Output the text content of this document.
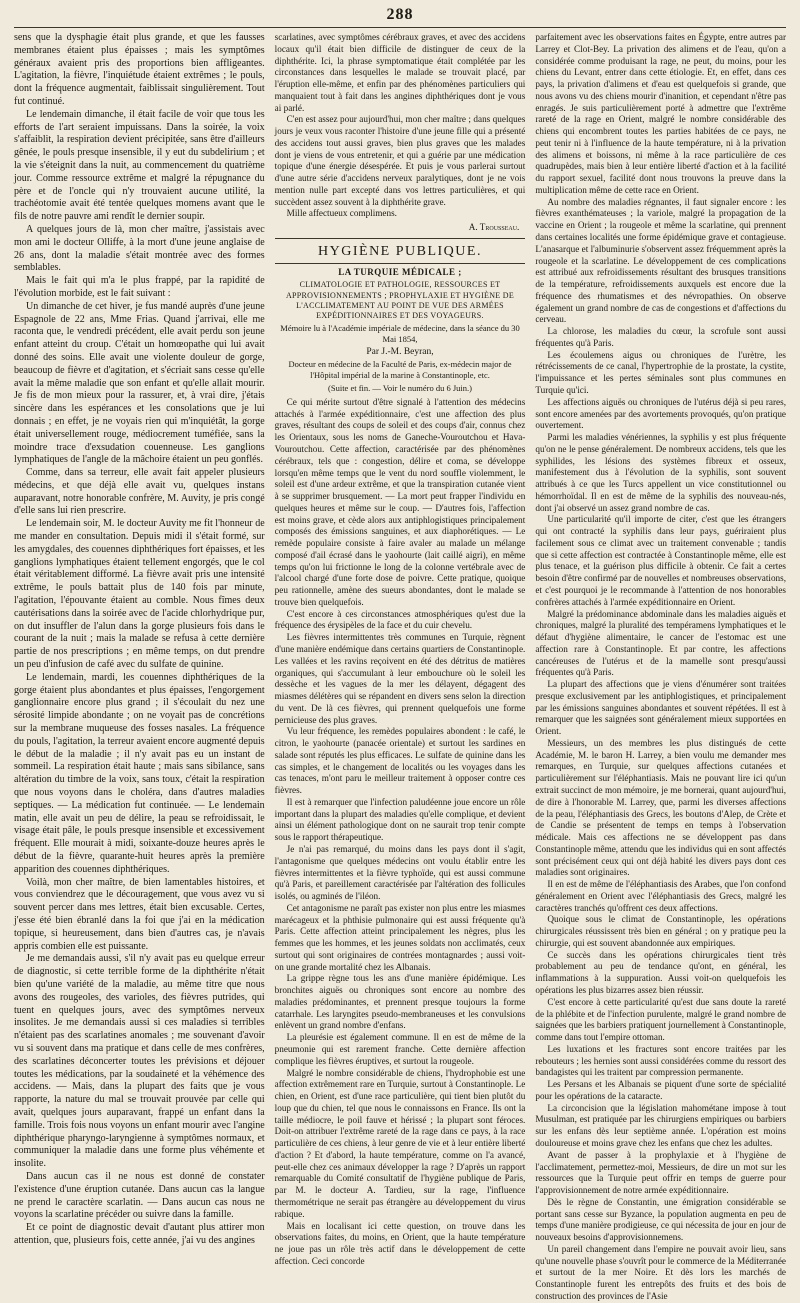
288

sens que la dysphagie était plus grande, et que les fausses membranes étaient plus épaisses ; mais les symptômes généraux avaient pris des proportions bien affligeantes. L'agitation, la fièvre, l'inquiétude étaient extrêmes ; le pouls, dont la fréquence augmentait, faiblissait singulièrement. Tout fut continué.

Le lendemain dimanche, il était facile de voir que tous les efforts de l'art seraient impuissans. Dans la soirée, la voix s'affaiblit, la respiration devient précipitée, sans être d'ailleurs gênée, le pouls presque insensible, il y eut du subdelirium ; et la vie s'éteignit dans la nuit, au commencement du quatrième jour. Comme ressource extrême et malgré la répugnance du père et de l'oncle qui n'y trouvaient aucune utilité, la trachéotomie avait été tentée quelques momens avant que le fils de notre pauvre ami rendît le dernier soupir.

A quelques jours de là, mon cher maître, j'assistais avec mon ami le docteur Olliffe, à la mort d'une jeune anglaise de 26 ans, dont la maladie s'était montrée avec des formes semblables.

Mais le fait qui m'a le plus frappé, par la rapidité de l'évolution morbide, est le fait suivant :

Un dimanche de cet hiver, je fus mandé auprès d'une jeune Espagnole de 22 ans, Mme Frias. Quand j'arrivai, elle me raconta que, le vendredi précédent, elle avait perdu son jeune enfant atteint du croup. C'était un homœopathe qui lui avait donné des soins. Elle avait une violente douleur de gorge, beaucoup de fièvre et d'agitation, et s'écriait sans cesse qu'elle avait la même maladie que son enfant et qu'elle allait mourir. Je fis de mon mieux pour la rassurer, et, à vrai dire, j'étais sincère dans les espérances et les consolations que je lui donnais ; en effet, je ne voyais rien qui m'inquiétât, la gorge était universellement rouge, médiocrement tuméfiée, sans la moindre trace d'exsudation couenneuse. Les ganglions lymphatiques de l'angle de la mâchoire étaient un peu gonflés.

Comme, dans sa terreur, elle avait fait appeler plusieurs médecins, et que déjà elle avait vu, quelques instans auparavant, notre honorable confrère, M. Auvity, je pris congé d'elle sans lui rien prescrire.

Le lendemain soir, M. le docteur Auvity me fit l'honneur de me mander en consultation. Depuis midi il s'était formé, sur les amygdales, des couennes diphthériques fort épaisses, et les ganglions lymphatiques étaient tellement engorgés, que le col était véritablement difformé. La fièvre avait pris une intensité extrême, le pouls battait plus de 140 fois par minute, l'agitation, l'épouvante étaient au comble. Nous fîmes deux cautérisations dans la soirée avec de l'acide chlorhydrique pur, on dut insuffler de l'alun dans la gorge plusieurs fois dans le courant de la nuit ; mais la malade se refusa à cette dernière partie de nos prescriptions ; en même temps, on dut prendre un peu d'infusion de café avec du sulfate de quinine.

Le lendemain, mardi, les couennes diphthériques de la gorge étaient plus abondantes et plus épaisses, l'engorgement ganglionnaire encore plus grand ; il s'écoulait du nez une sérosité limpide abondante ; on ne voyait pas de concrétions sur la membrane muqueuse des fosses nasales. La fréquence du pouls, l'agitation, la terreur avaient encore augmenté depuis le début de la maladie ; il n'y avait pas eu un instant de sommeil. La respiration était haute ; mais sans sibilance, sans altération du timbre de la voix, sans toux, c'était la respiration que nous voyons dans le choléra, dans d'autres maladies septiques. — La médication fut continuée. — Le lendemain matin, elle avait un peu de délire, la peau se refroidissait, le visage était pâle, le pouls presque insensible et excessivement fréquent. Elle mourait à midi, soixante-douze heures après le début de la fièvre, quarante-huit heures après la première apparition des couennes diphthériques.

Voilà, mon cher maître, de bien lamentables histoires, et vous conviendrez que le découragement, que vous avez vu si souvent percer dans mes lettres, était bien excusable. Certes, j'esse été bien ébranlé dans la foi que j'ai en la médication topique, si heureusement, dans bien d'autres cas, je n'avais appris combien elle est puissante.

Je me demandais aussi, s'il n'y avait pas eu quelque erreur de diagnostic, si cette terrible forme de la diphthérite n'était bien qu'une variété de la maladie, au même titre que nous avons des rougeoles, des varioles, des fièvres putrides, qui tuent en quelques jours, avec des symptômes nerveux insolites. Je me demandais aussi si ces maladies si terribles n'étaient pas des scarlatines anomales ; me souvenant d'avoir vu si souvent dans ma pratique et dans celle de mes confrères, des scarlatines déconcerter toutes les prévisions et déjouer toutes les médications, par la soudaineté et la véhémence des accidens. — Mais, dans la plupart des faits que je vous rapporte, la nature du mal se trouvait prouvée par celle qui avait, quelques jours auparavant, frappé un enfant dans la famille. Trois fois nous voyons un enfant mourir avec l'angine diphthérique pharyngo-laryngienne à symptômes normaux, et communiquer la maladie dans une forme plus véhémente et insolite.

Dans aucun cas il ne nous est donné de constater l'existence d'une éruption cutanée. Dans aucun cas la langue ne prend le caractère scarlatin. — Dans aucun cas nous ne voyons la scarlatine précéder ou suivre dans la famille.

Et ce point de diagnostic devait d'autant plus attirer mon attention, que, plusieurs fois, cette année, j'ai vu des angines

scarlatines, avec symptômes cérébraux graves, et avec des accidens locaux qu'il était bien difficile de distinguer de ceux de la diphthérite. Ici, la phrase symptomatique était complétée par les circonstances dans lesquelles le malade se trouvait placé, par l'éruption elle-même, et enfin par des phénomènes particuliers qui manquaient tout à fait dans les angines diphthériques dont je vous ai parlé.

C'en est assez pour aujourd'hui, mon cher maître ; dans quelques jours je veux vous raconter l'histoire d'une jeune fille qui a présenté des accidens tout aussi graves, bien plus graves que les malades dont je viens de vous entretenir, et qui a guérie par une médication topique d'une énergie désespérée. Et puis je vous parlerai surtout d'une autre série d'accidens nerveux paralytiques, dont je ne vois mention nulle part excepté dans vos lettres particulières, et qui succèdent assez souvent à la diphthérite grave.

Mille affectueux complimens.

A. Trousseau.
HYGIÈNE PUBLIQUE.
LA TURQUIE MÉDICALE ;
CLIMATOLOGIE ET PATHOLOGIE, RESSOURCES ET APPROVISIONNEMENTS ; PROPHYLAXIE ET HYGIÈNE DE L'ACCLIMATEMENT AU POINT DE VUE DES ARMÉES EXPÉDITIONNAIRES ET DES VOYAGEURS.
Mémoire lu à l'Académie impériale de médecine, dans la séance du 30 Mai 1854,
Par J.-M. Beyran,
Docteur en médecine de la Faculté de Paris, ex-médecin major de l'Hôpital impérial de la marine à Constantinople, etc.
(Suite et fin. — Voir le numéro du 6 Juin.)

Ce qui mérite surtout d'être signalé à l'attention des médecins attachés à l'armée expéditionnaire, c'est une affection des plus graves, résultant des coups de soleil et des coups d'air, connus chez les Orientaux, sous les noms de Ganeche-Vouroutchou et Hava-Vouroutchou. Cette affection, caractérisée par des phénomènes cérébraux, tels que : congestion, délire et coma, se développe lorsqu'en même temps que le vent du nord souffle violemment, le soleil est d'une ardeur extrême, et que la transpiration cutanée vient à se supprimer brusquement. — La mort peut frapper l'individu en quelques heures et même sur le coup. — D'autres fois, l'affection est moins grave, et cède alors aux antiphlogistiques principalement composés des émissions sanguines, et aux diaphorétiques. — Le remède populaire consiste à faire avaler au malade un mélange composé d'ail écrasé dans le yaohourte (lait caillé aigri), en même temps qu'on lui frictionne le long de la colonne vertébrale avec de l'alcool chargé d'une forte dose de poivre. Cette pratique, quoique peu rationnelle, amène des sueurs abondantes, dont le malade se trouve bien quelquefois.

C'est encore à ces circonstances atmosphériques qu'est due la fréquence des érysipèles de la face et du cuir chevelu.

Les fièvres intermittentes très communes en Turquie, règnent d'une manière endémique dans certains quartiers de Constantinople. Les vallées et les ravins reçoivent en été des détritus de matières organiques, qui s'accumulant à leur embouchure où le soleil les dessèche et les vagues de la mer les délayent, dégagent des miasmes délétères qui se répandent en divers sens selon la direction du vent. De là ces fièvres, qui prennent quelquefois une forme pernicieuse des plus graves.

Vu leur fréquence, les remèdes populaires abondent : le café, le citron, le yaohourte (panacée orientale) et surtout les sardines en salade sont réputés les plus efficaces. Le sulfate de quinine dans les cas simples, et le changement de localités ou les voyages dans les cas tenaces, m'ont paru le meilleur traitement à opposer contre ces fièvres.

Il est à remarquer que l'infection paludéenne joue encore un rôle important dans la plupart des maladies qu'elle complique, et devient ainsi un élément pathologique dont on ne saurait trop tenir compte sous le rapport thérapeutique.

Je n'ai pas remarqué, du moins dans les pays dont il s'agit, l'antagonisme que quelques médecins ont voulu établir entre les fièvres intermittentes et la fièvre typhoïde, qui est aussi commune qu'à Paris, et pareillement caractérisée par l'altération des follicules isolés, ou agminés de l'iléon.

Cet antagonisme ne paraît pas exister non plus entre les miasmes marécageux et la phthisie pulmonaire qui est aussi fréquente qu'à Paris. Cette affection atteint principalement les nègres, plus les femmes que les hommes, et les jeunes soldats non acclimatés, ceux surtout qui sont originaires de contrées montagnardes ; aussi voit-on une grande mortalité chez les Albanais.

La grippe règne tous les ans d'une manière épidémique. Les bronchites aiguës ou chroniques sont encore au nombre des maladies prédominantes, et prennent presque toujours la forme catarrhale. Les laryngites pseudo-membraneuses et les convulsions enlèvent un grand nombre d'enfans.

La pleurésie est également commune. Il en est de même de la pneumonie qui est rarement franche. Cette dernière affection complique les fièvres éruptives, et surtout la rougeole.

Malgré le nombre considérable de chiens, l'hydrophobie est une affection extrêmement rare en Turquie, surtout à Constantinople. Le chien, en Orient, est d'une race particulière, qui tient bien plutôt du loup que du chien, tel que nous le connaissons en France. Ils ont la taille médiocre, le poil fauve et hérissé ; la plupart sont féroces. Doit-on attribuer l'extrême rareté de la rage dans ce pays, à la race particulière de ces chiens, à leur genre de vie et à leur entière liberté d'action ? Et d'abord, la haute température, comme on l'a avancé, peut-elle chez ces animaux développer la rage ? D'après un rapport remarquable du Comité consultatif de l'hygiène publique de Paris, par M. le docteur A. Tardieu, sur la rage, l'influence thermométrique ne serait pas étrangère au développement du virus rabique.

Mais en localisant ici cette question, on trouve dans les observations faites, du moins, en Orient, que la haute température ne joue pas un rôle très actif dans le développement de cette affection. Ceci concorde

parfaitement avec les observations faites en Égypte, entre autres par Larrey et Clot-Bey. La privation des alimens et de l'eau, qu'on a considérée comme produisant la rage, ne peut, du moins, pour les chiens du Levant, entrer dans cette étiologie. Et, en effet, dans ces pays, la privation d'alimens et d'eau est quelquefois si grande, que nous avons vu des chiens mourir d'inanition, et cependant n'être pas enragés. Je suis particulièrement porté à admettre que l'extrême rareté de la rage en Orient, malgré le nombre considérable des chiens qui encombrent toutes les parties habitées de ce pays, ne peut tenir ni à l'influence de la haute température, ni à la privation des alimens et boissons, ni même à la race particulière de ces quadrupèdes, mais bien à leur entière liberté d'action et à la facilité du rapport sexuel, facilité dont nous trouvons la preuve dans la multiplication même de cette race en Orient.

Au nombre des maladies régnantes, il faut signaler encore : les fièvres exanthémateuses ; la variole, malgré la propagation de la vaccine en Orient ; la rougeole et même la scarlatine, qui prennent dans certaines localités une forme épidémique grave et contagieuse. L'anasarque et l'albuminurie s'observent assez fréquemment après la rougeole et la scarlatine. Le développement de ces complications est attribué aux refroidissements résultant des brusques transitions de la température, refroidissements auxquels est encore due la fréquence des rhumatismes et des névropathies. On observe également un grand nombre de cas de congestions et d'affections du cerveau.

La chlorose, les maladies du cœur, la scrofule sont aussi fréquentes qu'à Paris.

Les écoulemens aigus ou chroniques de l'urètre, les rétrécissements de ce canal, l'hypertrophie de la prostate, la cystite, l'impuissance et les pertes séminales sont plus communes en Turquie qu'ici.

Les affections aiguës ou chroniques de l'utérus déjà si peu rares, sont encore amenées par des avortements provoqués, qu'on pratique ouvertement.

Parmi les maladies vénériennes, la syphilis y est plus fréquente qu'on ne le pense généralement. De nombreux accidens, tels que les syphilides, les lésions des systèmes fibreux et osseux, manifestement dus à l'évolution de la syphilis, sont souvent attribués à ce que les Turcs appellent un vice constitutionnel ou hémorrhoïdal. Il en est de même de la syphilis des nouveau-nés, dont j'ai observé un assez grand nombre de cas.

Une particularité qu'il importe de citer, c'est que les étrangers qui ont contracté la syphilis dans leur pays, guériraient plus facilement sous ce climat avec un traitement convenable ; tandis que si cette affection est contractée à Constantinople même, elle est plus tenace, et la guérison plus difficile à obtenir. Ce fait a certes besoin d'être confirmé par de nouvelles et nombreuses observations, et c'est pourquoi je le recommande à l'attention de nos honorables confrères attachés à l'armée expéditionnaire en Orient.

Malgré la prédominance abdominale dans les maladies aiguës et chroniques, malgré la pluralité des tempéramens lymphatiques et le défaut d'hygiène alimentaire, le cancer de l'estomac est une affection rare à Constantinople. Et par contre, les affections cancéreuses de l'utérus et de la mamelle sont presqu'aussi fréquentes qu'à Paris.

La plupart des affections que je viens d'énumérer sont traitées presque exclusivement par les antiphlogistiques, et principalement par les émissions sanguines abondantes et souvent répétées. Il est à remarquer que les saignées sont généralement mieux supportées en Orient.

Messieurs, un des membres les plus distingués de cette Académie, M. le baron H. Larrey, a bien voulu me demander mes remarques, en Turquie, sur quelques affections cutanées et particulièrement sur l'éléphantiasis. Mais ne pouvant lire ici qu'un extrait succinct de mon mémoire, je me bornerai, quant aujourd'hui, de dire à l'honorable M. Larrey, que, parmi les diverses affections de la peau, l'éléphantiasis des Grecs, les boutons d'Alep, de Crète et de Candie se présentent de temps en temps à l'observation médicale. Mais ces affections ne se développent pas dans Constantinople même, attendu que les individus qui en sont affectés sont précisément ceux qui ont déjà habité les divers pays dont ces maladies sont originaires.

Il en est de même de l'éléphantiasis des Arabes, que l'on confond généralement en Orient avec l'éléphantiasis des Grecs, malgré les caractères tranchés qu'offrent ces deux affections.

Quoique sous le climat de Constantinople, les opérations chirurgicales réussissent très bien en général ; on y pratique peu la chirurgie, qui est souvent abandonnée aux empiriques.

Ce succès dans les opérations chirurgicales tient très probablement au peu de tendance qu'ont, en général, les inflammations à la suppuration. Aussi voit-on quelquefois les opérations les plus bizarres assez bien réussir.

C'est encore à cette particularité qu'est due sans doute la rareté de la phlébite et de l'infection purulente, malgré le grand nombre de saignées que les barbiers pratiquent journellement à Constantinople, comme dans tout l'empire ottoman.

Les luxations et les fractures sont encore traitées par les rebouteurs ; les hernies sont aussi considérées comme du ressort des bandagistes qui les traitent par compression permanente.

Les Persans et les Albanais se piquent d'une sorte de spécialité pour les opérations de la cataracte.

La circoncision que la législation mahométane impose à tout Musulman, est pratiquée par les chirurgiens empiriques ou barbiers sur les enfans dès leur septième année. L'opération est moins douloureuse et moins grave chez les enfans que chez les adultes.

Avant de passer à la prophylaxie et à l'hygiène de l'acclimatement, permettez-moi, Messieurs, de dire un mot sur les ressources que la Turquie peut offrir en temps de guerre pour l'approvisionnement de notre armée expéditionnaire.

Dès le règne de Constantin, une émigration considérable se portant sans cesse sur Byzance, la population augmenta en peu de temps d'une manière prodigieuse, ce qui nécessita de jour en jour de nouveaux besoins d'approvisionnemens.

Un pareil changement dans l'empire ne pouvait avoir lieu, sans qu'une nouvelle phase s'ouvrît pour le commerce de la Méditerranée et surtout de la mer Noire. Et dès lors les marchés de Constantinople furent les entrepôts des fruits et des bois de construction des provinces de l'Asie
